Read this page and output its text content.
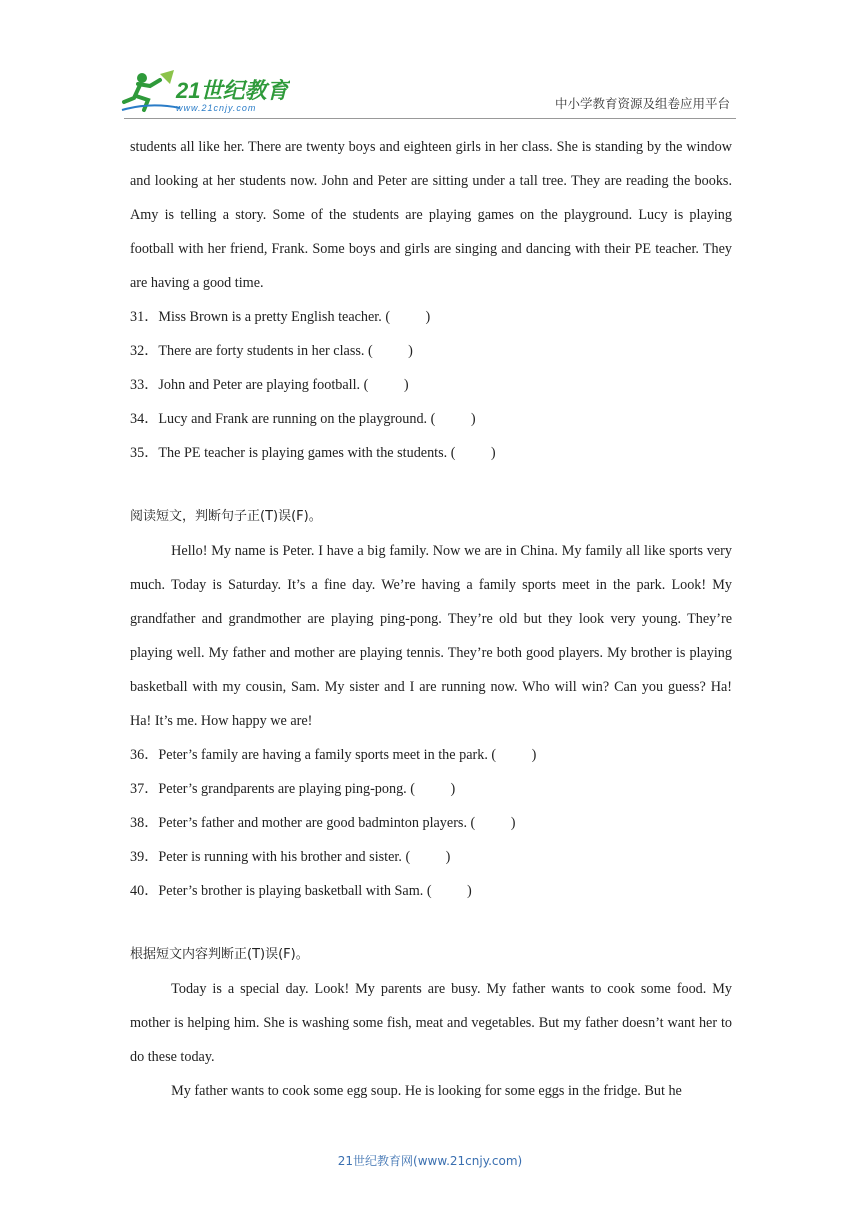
21世纪教育
www.21cnjy.com	中小学教育资源及组卷应用平台

students all like her. There are twenty boys and eighteen girls in her class. She is standing by the window and looking at her students now. John and Peter are sitting under a tall tree. They are reading the books. Amy is telling a story. Some of the students are playing games on the playground. Lucy is playing football with her friend, Frank. Some boys and girls are singing and dancing with their PE teacher. They are having a good time.

31．Miss Brown is a pretty English teacher. (          )

32．There are forty students in her class. (          )

33．John and Peter are playing football. (          )

34．Lucy and Frank are running on the playground. (          )

35．The PE teacher is playing games with the students. (          )

阅读短文，判断句子正(T)误(F)。

Hello! My name is Peter. I have a big family. Now we are in China. My family all like sports very much. Today is Saturday. It’s a fine day. We’re having a family sports meet in the park. Look! My grandfather and grandmother are playing ping-pong. They’re old but they look very young. They’re playing well. My father and mother are playing tennis. They’re both good players. My brother is playing basketball with my cousin, Sam. My sister and I are running now. Who will win? Can you guess? Ha! Ha! It’s me. How happy we are!

36．Peter’s family are having a family sports meet in the park. (          )

37．Peter’s grandparents are playing ping-pong. (          )

38．Peter’s father and mother are good badminton players. (          )

39．Peter is running with his brother and sister. (          )

40．Peter’s brother is playing basketball with Sam. (          )

根据短文内容判断正(T)误(F)。

Today is a special day. Look! My parents are busy. My father wants to cook some food. My mother is helping him. She is washing some fish, meat and vegetables. But my father doesn’t want her to do these today.

My father wants to cook some egg soup. He is looking for some eggs in the fridge. But he

21世纪教育网(www.21cnjy.com)
